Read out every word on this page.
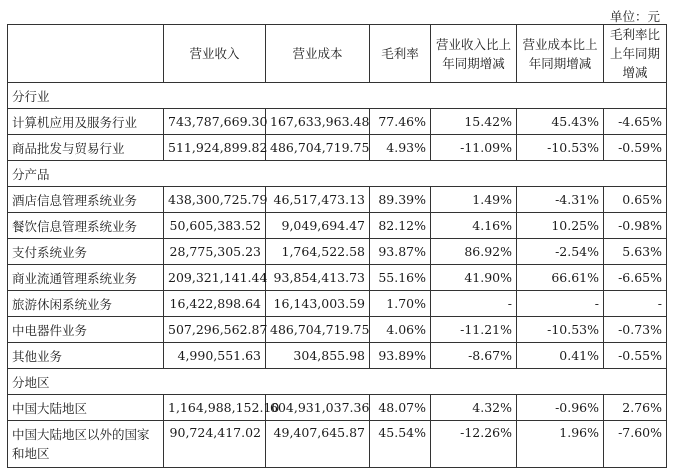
单位：元
	营业收入	营业成本	毛利率	营业收入比上年同期增减	营业成本比上年同期增减	毛利率比上年同期增减
分行业						
计算机应用及服务行业	743,787,669.30	167,633,963.48	77.46%	15.42%	45.43%	-4.65%
商品批发与贸易行业	511,924,899.82	486,704,719.75	4.93%	-11.09%	-10.53%	-0.59%
分产品						
酒店信息管理系统业务	438,300,725.79	46,517,473.13	89.39%	1.49%	-4.31%	0.65%
餐饮信息管理系统业务	50,605,383.52	9,049,694.47	82.12%	4.16%	10.25%	-0.98%
支付系统业务	28,775,305.23	1,764,522.58	93.87%	86.92%	-2.54%	5.63%
商业流通管理系统业务	209,321,141.44	93,854,413.73	55.16%	41.90%	66.61%	-6.65%
旅游休闲系统业务	16,422,898.64	16,143,003.59	1.70%	-	-	-
中电器件业务	507,296,562.87	486,704,719.75	4.06%	-11.21%	-10.53%	-0.73%
其他业务	4,990,551.63	304,855.98	93.89%	-8.67%	0.41%	-0.55%
分地区						
中国大陆地区	1,164,988,152.10	604,931,037.36	48.07%	4.32%	-0.96%	2.76%
中国大陆地区以外的国家和地区	90,724,417.02	49,407,645.87	45.54%	-12.26%	1.96%	-7.60%
